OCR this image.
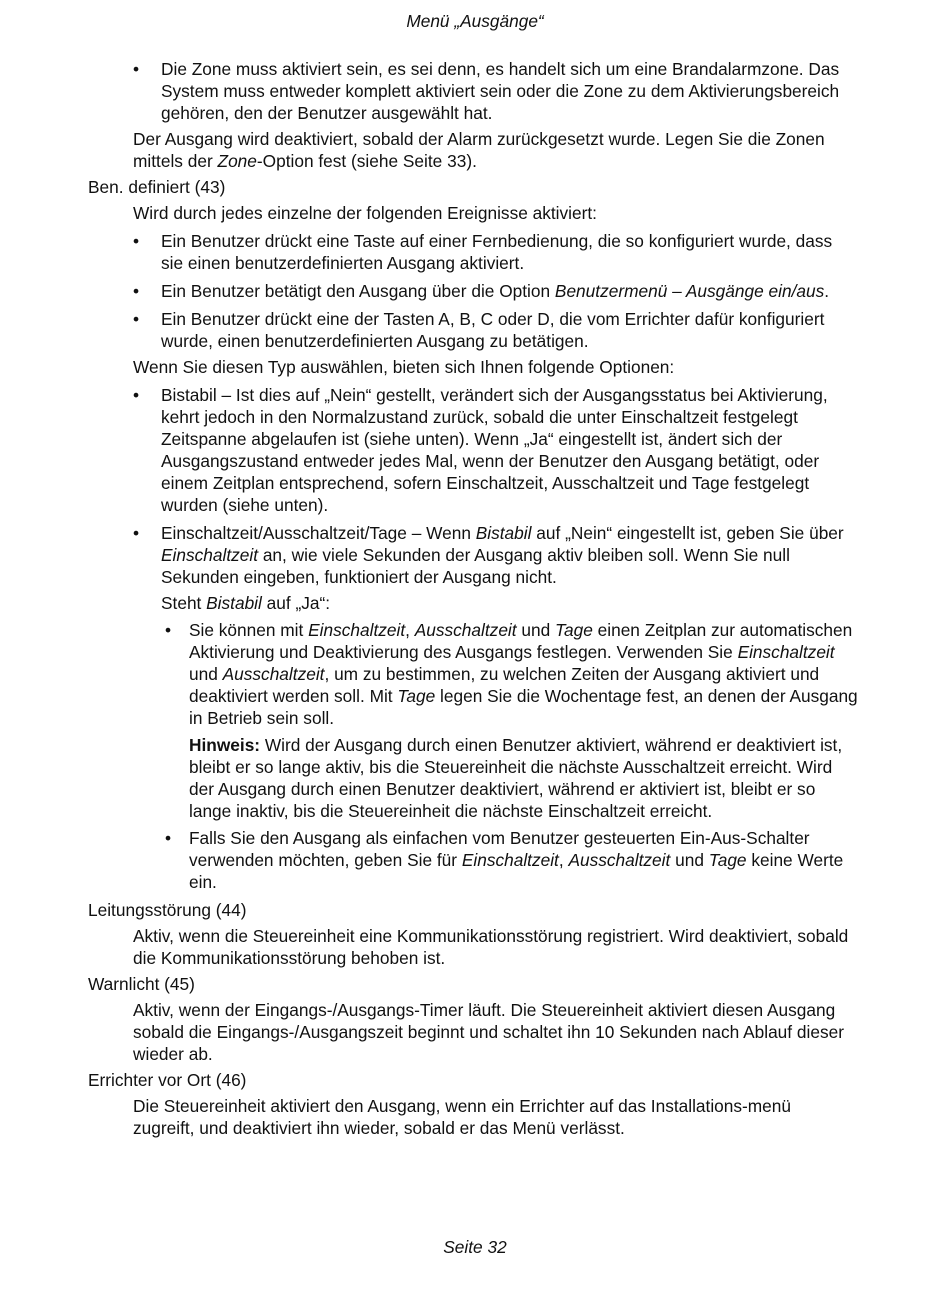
Menü „Ausgänge“

• Die Zone muss aktiviert sein, es sei denn, es handelt sich um eine Brandalarmzone. Das System muss entweder komplett aktiviert sein oder die Zone zu dem Aktivierungsbereich gehören, den der Benutzer ausgewählt hat.

Der Ausgang wird deaktiviert, sobald der Alarm zurückgesetzt wurde. Legen Sie die Zonen mittels der Zone-Option fest (siehe Seite 33).

Ben. definiert (43)

Wird durch jedes einzelne der folgenden Ereignisse aktiviert:

• Ein Benutzer drückt eine Taste auf einer Fernbedienung, die so konfiguriert wurde, dass sie einen benutzerdefinierten Ausgang aktiviert.

• Ein Benutzer betätigt den Ausgang über die Option Benutzermenü – Ausgänge ein/aus.

• Ein Benutzer drückt eine der Tasten A, B, C oder D, die vom Errichter dafür konfiguriert wurde, einen benutzerdefinierten Ausgang zu betätigen.

Wenn Sie diesen Typ auswählen, bieten sich Ihnen folgende Optionen:

• Bistabil – Ist dies auf „Nein“ gestellt, verändert sich der Ausgangsstatus bei Aktivierung, kehrt jedoch in den Normalzustand zurück, sobald die unter Einschaltzeit festgelegt Zeitspanne abgelaufen ist (siehe unten). Wenn „Ja“ eingestellt ist, ändert sich der Ausgangszustand entweder jedes Mal, wenn der Benutzer den Ausgang betätigt, oder einem Zeitplan entsprechend, sofern Einschaltzeit, Ausschaltzeit und Tage festgelegt wurden (siehe unten).

• Einschaltzeit/Ausschaltzeit/Tage – Wenn Bistabil auf „Nein“ eingestellt ist, geben Sie über Einschaltzeit an, wie viele Sekunden der Ausgang aktiv bleiben soll. Wenn Sie null Sekunden eingeben, funktioniert der Ausgang nicht.

Steht Bistabil auf „Ja“:

• Sie können mit Einschaltzeit, Ausschaltzeit und Tage einen Zeitplan zur automatischen Aktivierung und Deaktivierung des Ausgangs festlegen. Verwenden Sie Einschaltzeit und Ausschaltzeit, um zu bestimmen, zu welchen Zeiten der Ausgang aktiviert und deaktiviert werden soll. Mit Tage legen Sie die Wochentage fest, an denen der Ausgang in Betrieb sein soll.

Hinweis: Wird der Ausgang durch einen Benutzer aktiviert, während er deaktiviert ist, bleibt er so lange aktiv, bis die Steuereinheit die nächste Ausschaltzeit erreicht. Wird der Ausgang durch einen Benutzer deaktiviert, während er aktiviert ist, bleibt er so lange inaktiv, bis die Steuereinheit die nächste Einschaltzeit erreicht.

• Falls Sie den Ausgang als einfachen vom Benutzer gesteuerten Ein-Aus-Schalter verwenden möchten, geben Sie für Einschaltzeit, Ausschaltzeit und Tage keine Werte ein.

Leitungsstörung (44)

Aktiv, wenn die Steuereinheit eine Kommunikationsstörung registriert. Wird deaktiviert, sobald die Kommunikationsstörung behoben ist.

Warnlicht (45)

Aktiv, wenn der Eingangs-/Ausgangs-Timer läuft. Die Steuereinheit aktiviert diesen Ausgang sobald die Eingangs-/Ausgangszeit beginnt und schaltet ihn 10 Sekunden nach Ablauf dieser wieder ab.

Errichter vor Ort (46)

Die Steuereinheit aktiviert den Ausgang, wenn ein Errichter auf das Installations-menü zugreift, und deaktiviert ihn wieder, sobald er das Menü verlässt.

Seite 32
